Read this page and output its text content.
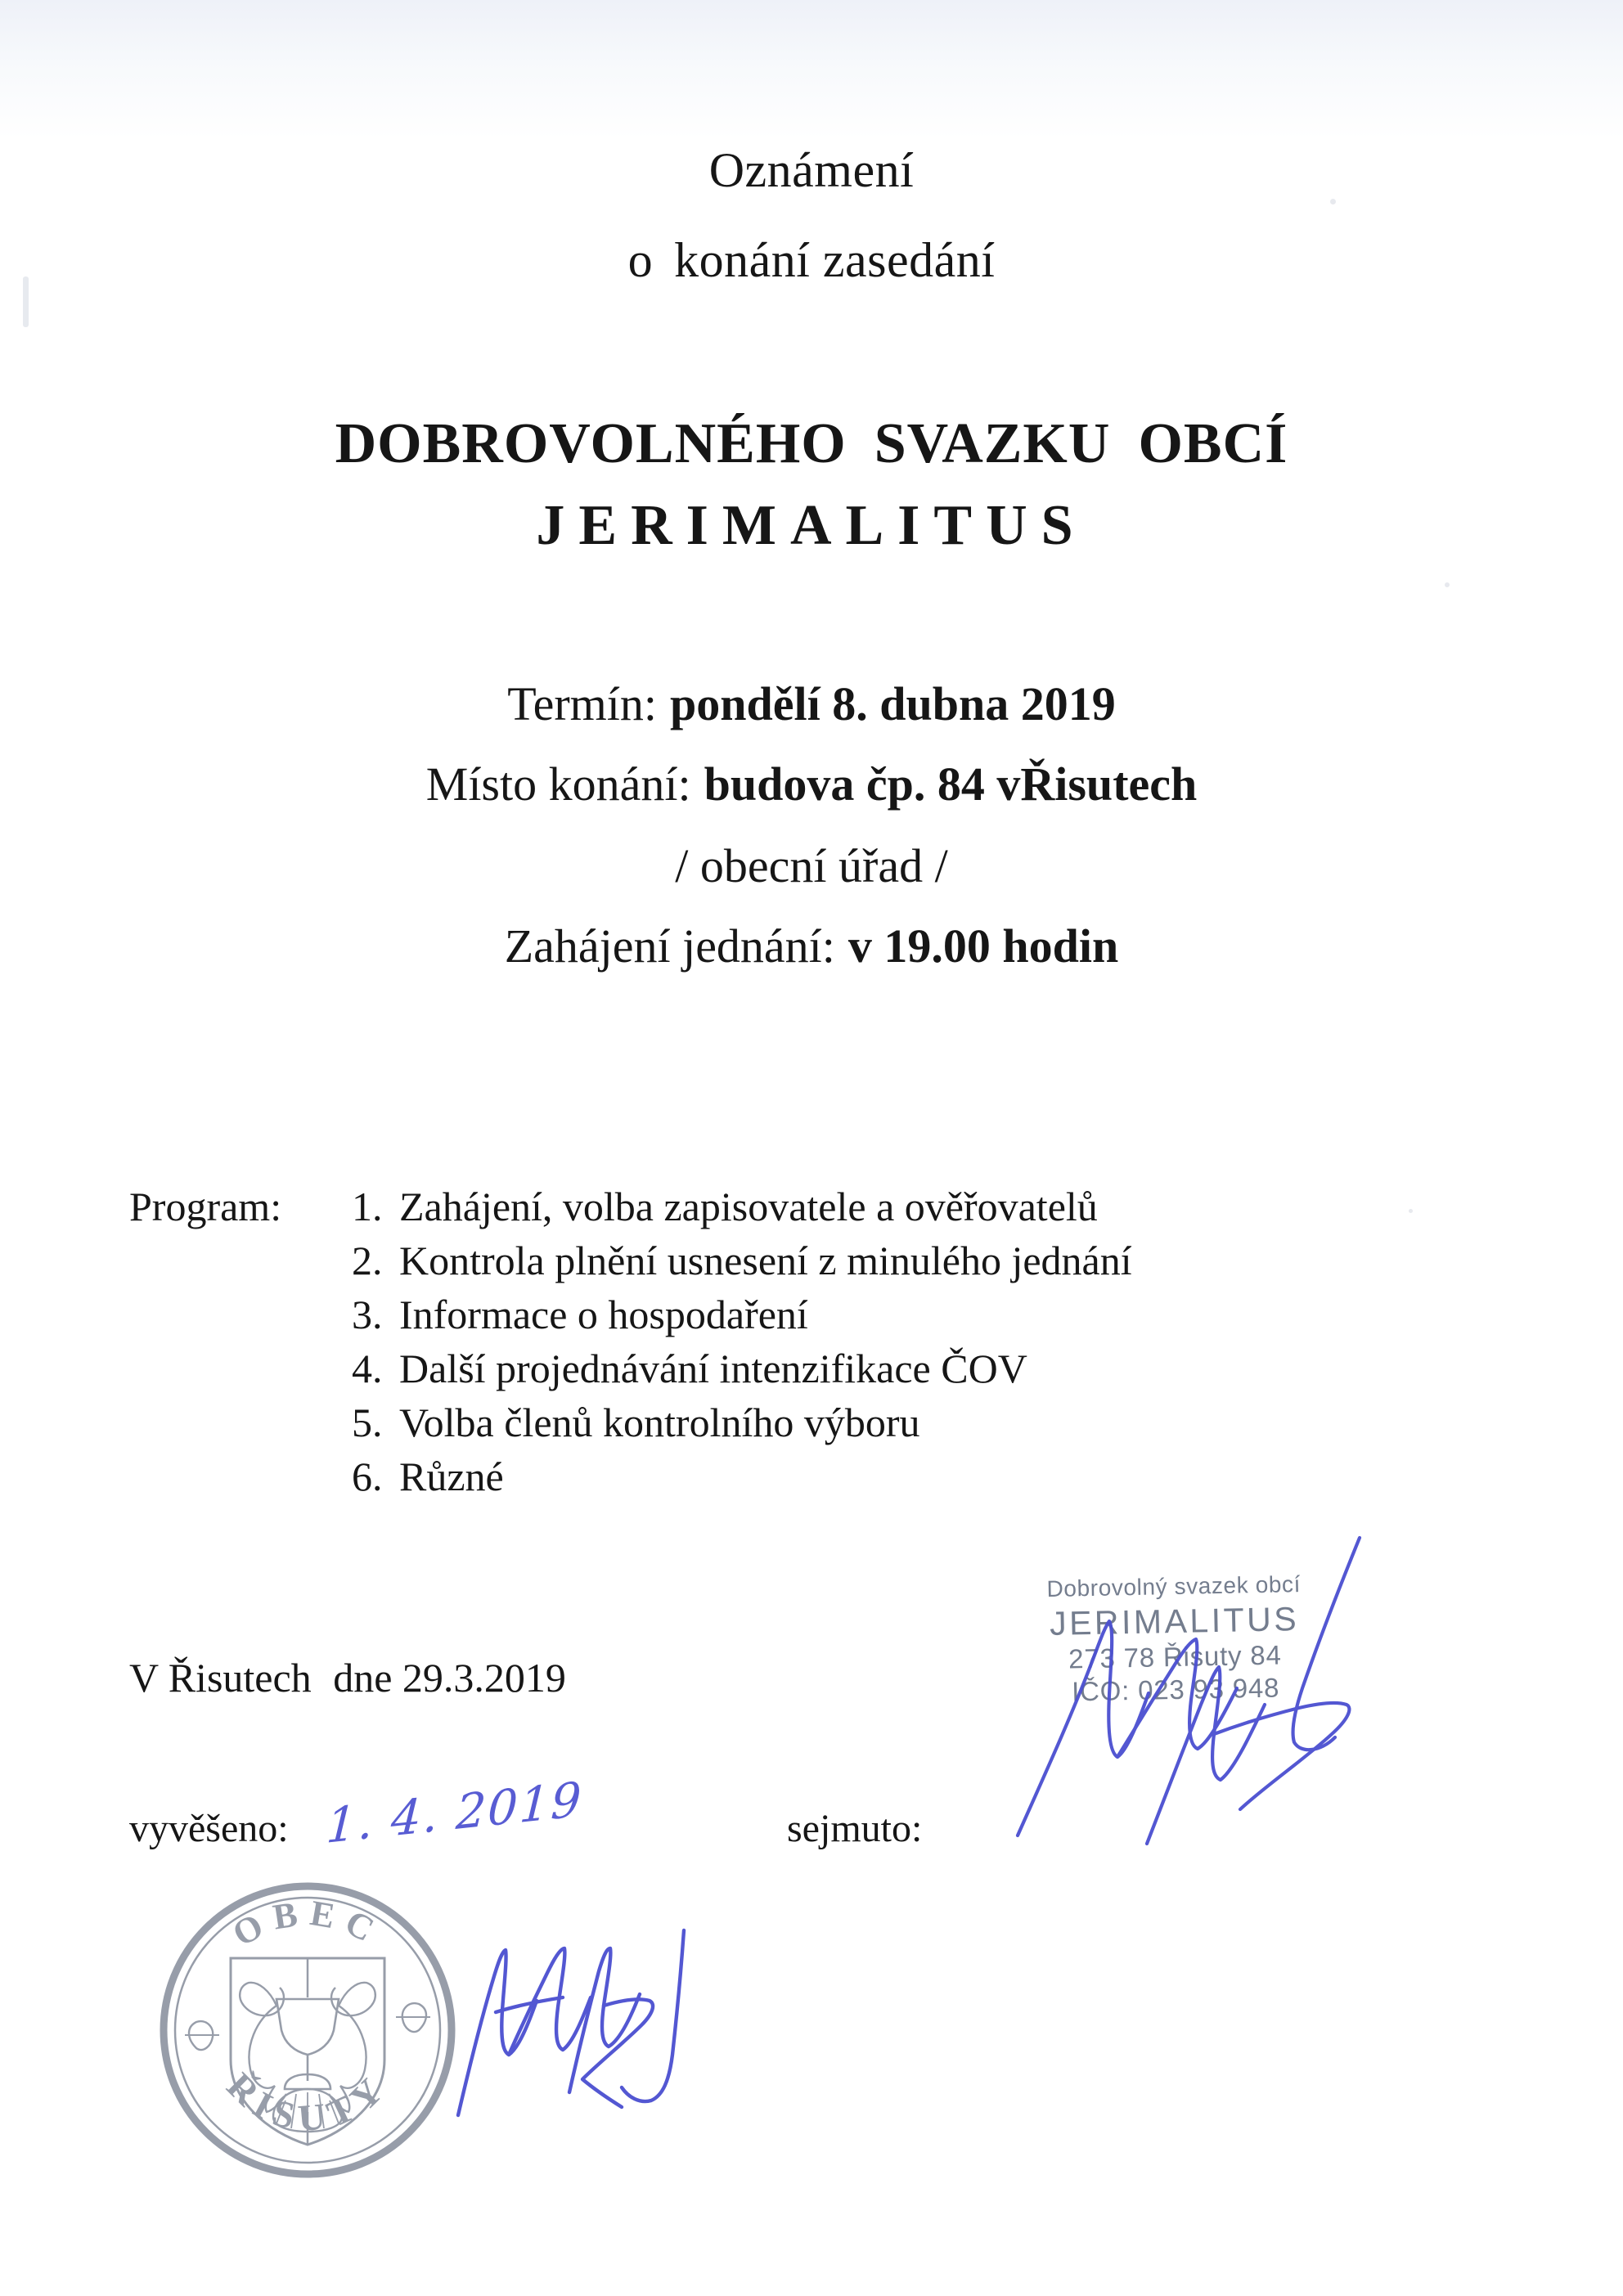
Oznámení
o konání zasedání
DOBROVOLNÉHO SVAZKU OBCÍ
JERIMALITUS
Termín: pondělí 8. dubna 2019
Místo konání: budova čp. 84 vŘisutech
/ obecní úřad /
Zahájení jednání: v 19.00 hodin
Program:	1. Zahájení, volba zapisovatele a ověřovatelů
2. Kontrola plnění usnesení z minulého jednání
3. Informace o hospodaření
4. Další projednávání intenzifikace ČOV
5. Volba členů kontrolního výboru
6. Různé
V Řisutech dne 29.3.2019
Dobrovolný svazek obcí
JERIMALITUS
273 78 Řisuty 84
IČO: 023 93 948
vyvěšeno: 1. 4. 2019	sejmuto:
OBEC
ŘISUTY
